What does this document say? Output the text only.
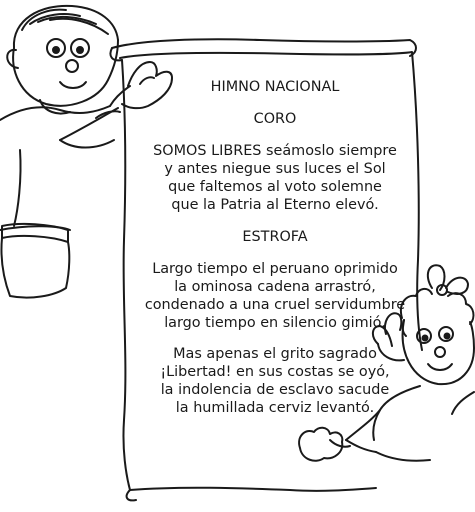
HIMNO NACIONAL
CORO
SOMOS LIBRES seámoslo siempre
y antes niegue sus luces el Sol
que faltemos al voto solemne
que la Patria al Eterno elevó.
ESTROFA
Largo tiempo el peruano oprimido
la ominosa cadena arrastró,
condenado a una cruel servidumbre
largo tiempo en silencio gimió.
Mas apenas el grito sagrado
¡Libertad! en sus costas se oyó,
la indolencia de esclavo sacude
la humillada cerviz levantó.
